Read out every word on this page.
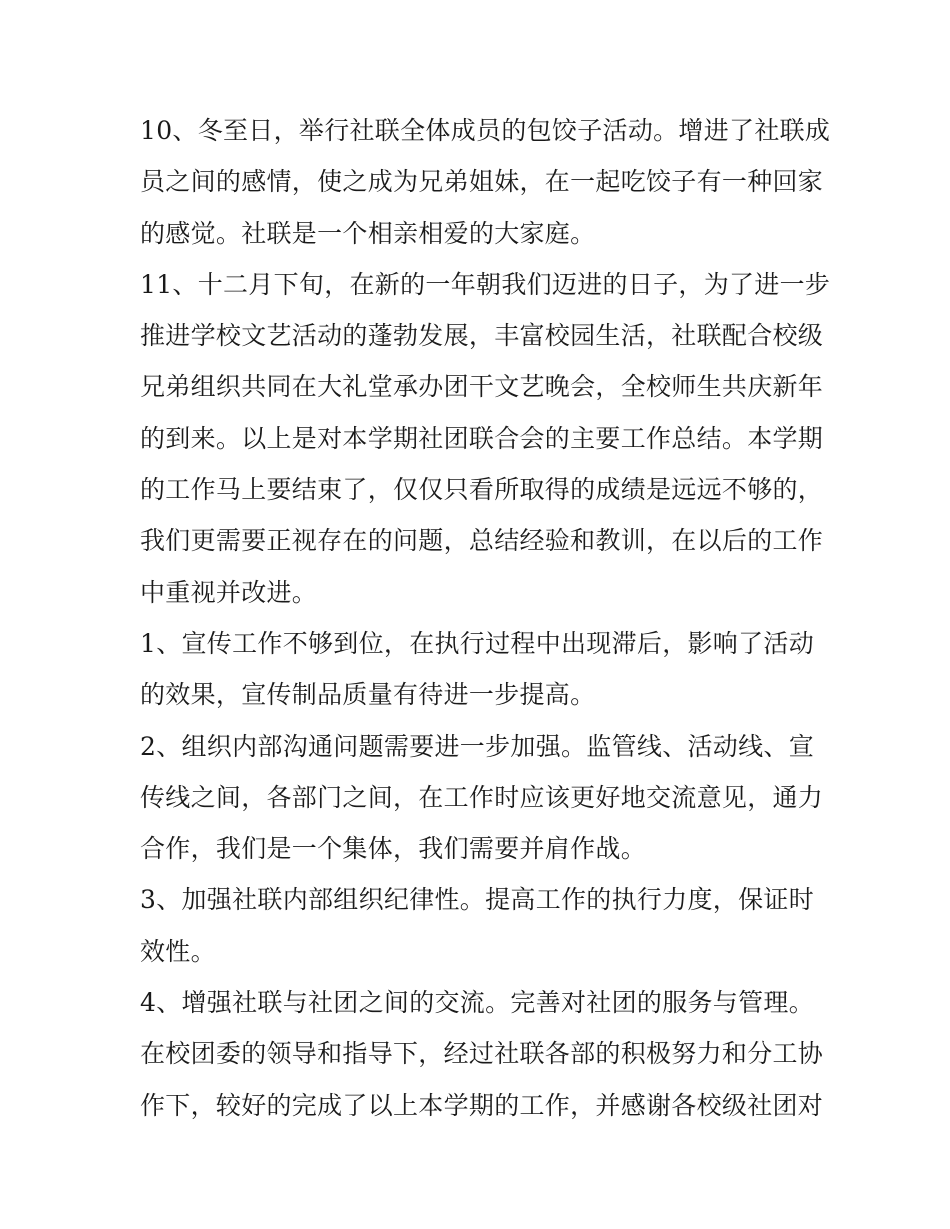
10、冬至日，举行社联全体成员的包饺子活动。增进了社联成
员之间的感情，使之成为兄弟姐妹，在一起吃饺子有一种回家
的感觉。社联是一个相亲相爱的大家庭。
11、十二月下旬，在新的一年朝我们迈进的日子，为了进一步
推进学校文艺活动的蓬勃发展，丰富校园生活，社联配合校级
兄弟组织共同在大礼堂承办团干文艺晚会，全校师生共庆新年
的到来。以上是对本学期社团联合会的主要工作总结。本学期
的工作马上要结束了，仅仅只看所取得的成绩是远远不够的，
我们更需要正视存在的问题，总结经验和教训，在以后的工作
中重视并改进。
1、宣传工作不够到位，在执行过程中出现滞后，影响了活动
的效果，宣传制品质量有待进一步提高。
2、组织内部沟通问题需要进一步加强。监管线、活动线、宣
传线之间，各部门之间，在工作时应该更好地交流意见，通力
合作，我们是一个集体，我们需要并肩作战。
3、加强社联内部组织纪律性。提高工作的执行力度，保证时
效性。
4、增强社联与社团之间的交流。完善对社团的服务与管理。
在校团委的领导和指导下，经过社联各部的积极努力和分工协
作下，较好的完成了以上本学期的工作，并感谢各校级社团对
